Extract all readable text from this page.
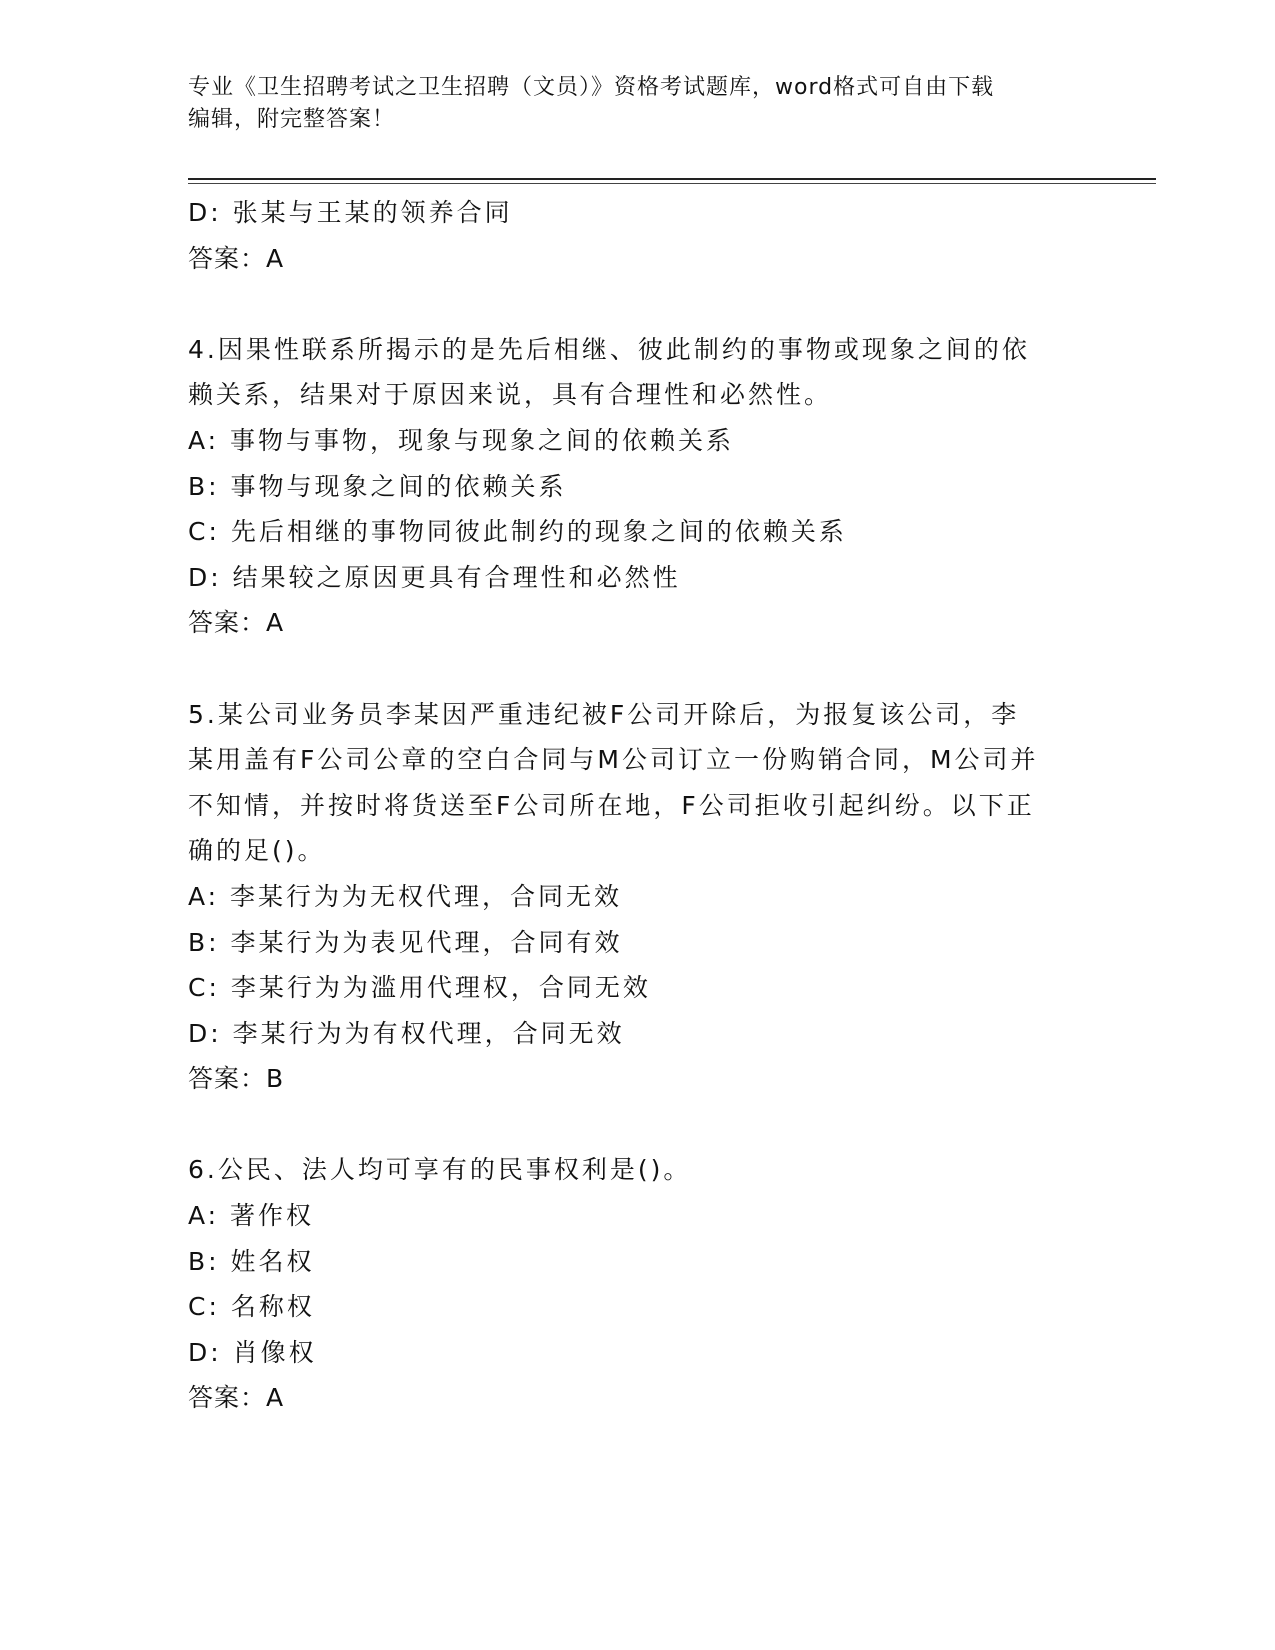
专业《卫生招聘考试之卫生招聘（文员）》资格考试题库，word格式可自由下载
编辑，附完整答案！
D: 张某与王某的领养合同
答案：A
4.因果性联系所揭示的是先后相继、彼此制约的事物或现象之间的依
赖关系，结果对于原因来说，具有合理性和必然性。
A: 事物与事物，现象与现象之间的依赖关系
B: 事物与现象之间的依赖关系
C: 先后相继的事物同彼此制约的现象之间的依赖关系
D: 结果较之原因更具有合理性和必然性
答案：A
5.某公司业务员李某因严重违纪被F公司开除后，为报复该公司，李
某用盖有F公司公章的空白合同与M公司订立一份购销合同，M公司并
不知情，并按时将货送至F公司所在地，F公司拒收引起纠纷。以下正
确的足()。
A: 李某行为为无权代理，合同无效
B: 李某行为为表见代理，合同有效
C: 李某行为为滥用代理权，合同无效
D: 李某行为为有权代理，合同无效
答案：B
6.公民、法人均可享有的民事权利是()。
A: 著作权
B: 姓名权
C: 名称权
D: 肖像权
答案：A
